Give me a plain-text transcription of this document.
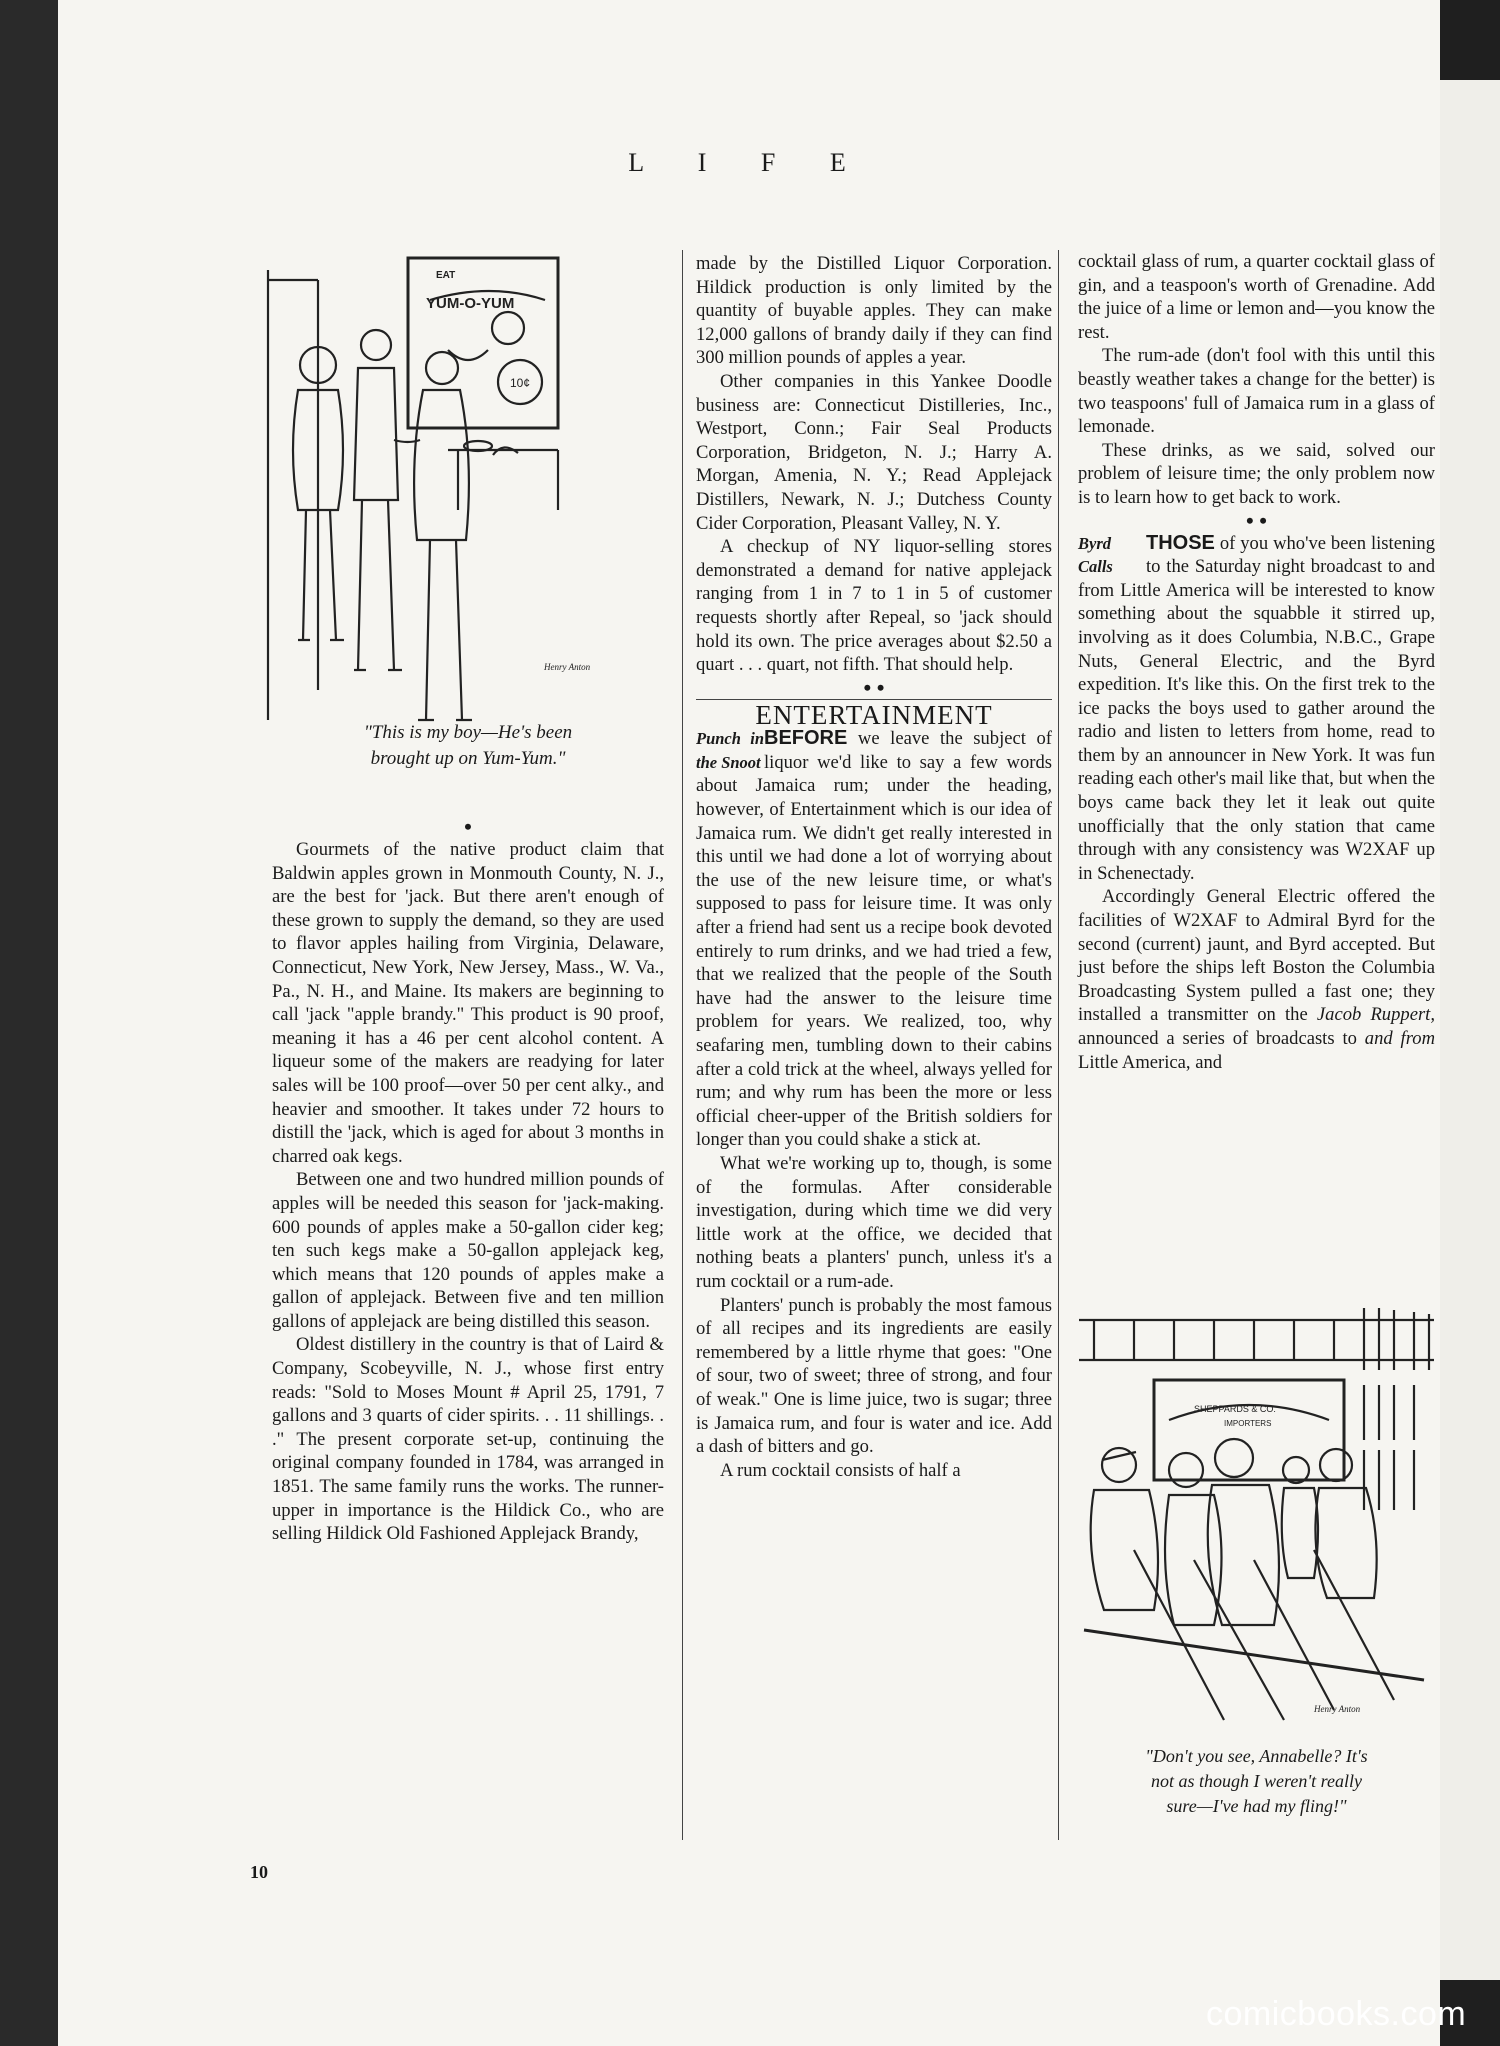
L I F E
EAT
YUM-O-YUM
10¢
Henry Anton
"This is my boy—He's been
brought up on Yum-Yum."

•

Gourmets of the native product claim that Baldwin apples grown in Monmouth County, N. J., are the best for 'jack. But there aren't enough of these grown to supply the demand, so they are used to flavor apples hailing from Virginia, Delaware, Connecticut, New York, New Jersey, Mass., W. Va., Pa., N. H., and Maine. Its makers are beginning to call 'jack "apple brandy." This product is 90 proof, meaning it has a 46 per cent alcohol content. A liqueur some of the makers are readying for later sales will be 100 proof—over 50 per cent alky., and heavier and smoother. It takes under 72 hours to distill the 'jack, which is aged for about 3 months in charred oak kegs.

Between one and two hundred million pounds of apples will be needed this season for 'jack-making. 600 pounds of apples make a 50-gallon cider keg; ten such kegs make a 50-gallon applejack keg, which means that 120 pounds of apples make a gallon of applejack. Between five and ten million gallons of applejack are being distilled this season.

Oldest distillery in the country is that of Laird & Company, Scobeyville, N. J., whose first entry reads: "Sold to Moses Mount # April 25, 1791, 7 gallons and 3 quarts of cider spirits. . . 11 shillings. . ." The present corporate set-up, continuing the original company founded in 1784, was arranged in 1851. The same family runs the works. The runner-upper in importance is the Hildick Co., who are selling Hildick Old Fashioned Applejack Brandy,

made by the Distilled Liquor Corporation. Hildick production is only limited by the quantity of buyable apples. They can make 12,000 gallons of brandy daily if they can find 300 million pounds of apples a year.

Other companies in this Yankee Doodle business are: Connecticut Distilleries, Inc., Westport, Conn.; Fair Seal Products Corporation, Bridgeton, N. J.; Harry A. Morgan, Amenia, N. Y.; Read Applejack Distillers, Newark, N. J.; Dutchess County Cider Corporation, Pleasant Valley, N. Y.

A checkup of NY liquor-selling stores demonstrated a demand for native applejack ranging from 1 in 7 to 1 in 5 of customer requests shortly after Repeal, so 'jack should hold its own. The price averages about $2.50 a quart . . . quart, not fifth. That should help.

• •

ENTERTAINMENT

Punch in the Snoot
BEFORE we leave the subject of liquor we'd like to say a few words about Jamaica rum; under the heading, however, of Entertainment which is our idea of Jamaica rum. We didn't get really interested in this until we had done a lot of worrying about the use of the new leisure time, or what's supposed to pass for leisure time. It was only after a friend had sent us a recipe book devoted entirely to rum drinks, and we had tried a few, that we realized that the people of the South have had the answer to the leisure time problem for years. We realized, too, why seafaring men, tumbling down to their cabins after a cold trick at the wheel, always yelled for rum; and why rum has been the more or less official cheer-upper of the British soldiers for longer than you could shake a stick at.

What we're working up to, though, is some of the formulas. After considerable investigation, during which time we did very little work at the office, we decided that nothing beats a planters' punch, unless it's a rum cocktail or a rum-ade.

Planters' punch is probably the most famous of all recipes and its ingredients are easily remembered by a little rhyme that goes: "One of sour, two of sweet; three of strong, and four of weak." One is lime juice, two is sugar; three is Jamaica rum, and four is water and ice. Add a dash of bitters and go.

A rum cocktail consists of half a

cocktail glass of rum, a quarter cocktail glass of gin, and a teaspoon's worth of Grenadine. Add the juice of a lime or lemon and—you know the rest.

The rum-ade (don't fool with this until this beastly weather takes a change for the better) is two teaspoons' full of Jamaica rum in a glass of lemonade.

These drinks, as we said, solved our problem of leisure time; the only problem now is to learn how to get back to work.

• •

Byrd Calls
THOSE of you who've been listening to the Saturday night broadcast to and from Little America will be interested to know something about the squabble it stirred up, involving as it does Columbia, N.B.C., Grape Nuts, General Electric, and the Byrd expedition. It's like this. On the first trek to the ice packs the boys used to gather around the radio and listen to letters from home, read to them by an announcer in New York. It was fun reading each other's mail like that, but when the boys came back they let it leak out quite unofficially that the only station that came through with any consistency was W2XAF up in Schenectady.

Accordingly General Electric offered the facilities of W2XAF to Admiral Byrd for the second (current) jaunt, and Byrd accepted. But just before the ships left Boston the Columbia Broadcasting System pulled a fast one; they installed a transmitter on the Jacob Ruppert, announced a series of broadcasts to and from Little America, and

SHEPPARDS & CO.
IMPORTERS
Henry Anton
"Don't you see, Annabelle? It's
not as though I weren't really
sure—I've had my fling!"
10
comicbooks.com
